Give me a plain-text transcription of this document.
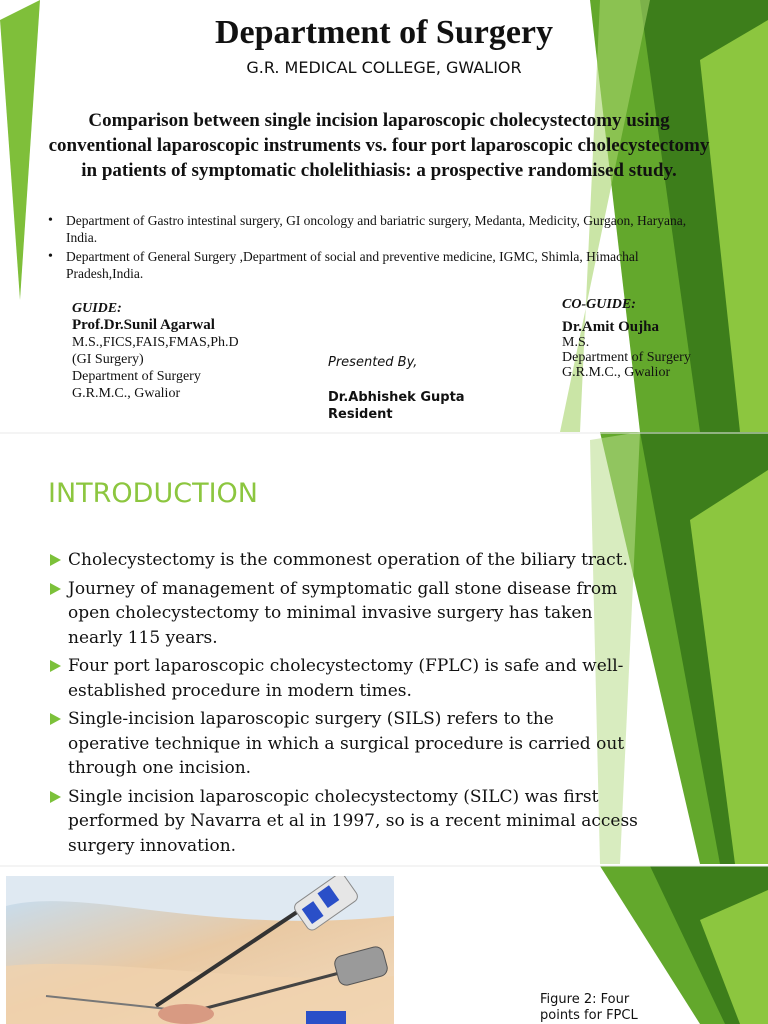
Department of Surgery
G.R. MEDICAL COLLEGE, GWALIOR
Comparison between single incision laparoscopic cholecystectomy using conventional laparoscopic instruments vs. four port laparoscopic cholecystectomy in patients of symptomatic cholelithiasis: a prospective randomised study.
• Department of Gastro intestinal surgery, GI oncology and bariatric surgery, Medanta, Medicity, Gurgaon, Haryana, India.
• Department of General Surgery ,Department of social and preventive medicine, IGMC, Shimla, Himachal Pradesh,India.
GUIDE:
Prof.Dr.Sunil Agarwal
M.S.,FICS,FAIS,FMAS,Ph.D
(GI Surgery)
Department of Surgery
G.R.M.C., Gwalior
Presented By,
Dr.Abhishek Gupta
Resident
CO-GUIDE:
Dr.Amit Oujha
M.S.
Department of Surgery
G.R.M.C., Gwalior
INTRODUCTION
Cholecystectomy is the commonest operation of the biliary tract.
Journey of management of symptomatic gall stone disease from open cholecystectomy to minimal invasive surgery has taken nearly 115 years.
Four port laparoscopic cholecystectomy (FPLC) is safe and well-established procedure in modern times.
Single-incision laparoscopic surgery (SILS) refers to the operative technique in which a surgical procedure is carried out through one incision.
Single incision laparoscopic cholecystectomy (SILC) was first performed by Navarra et al in 1997, so is a recent minimal access surgery innovation.
Figure 2: Four points for FPCL
